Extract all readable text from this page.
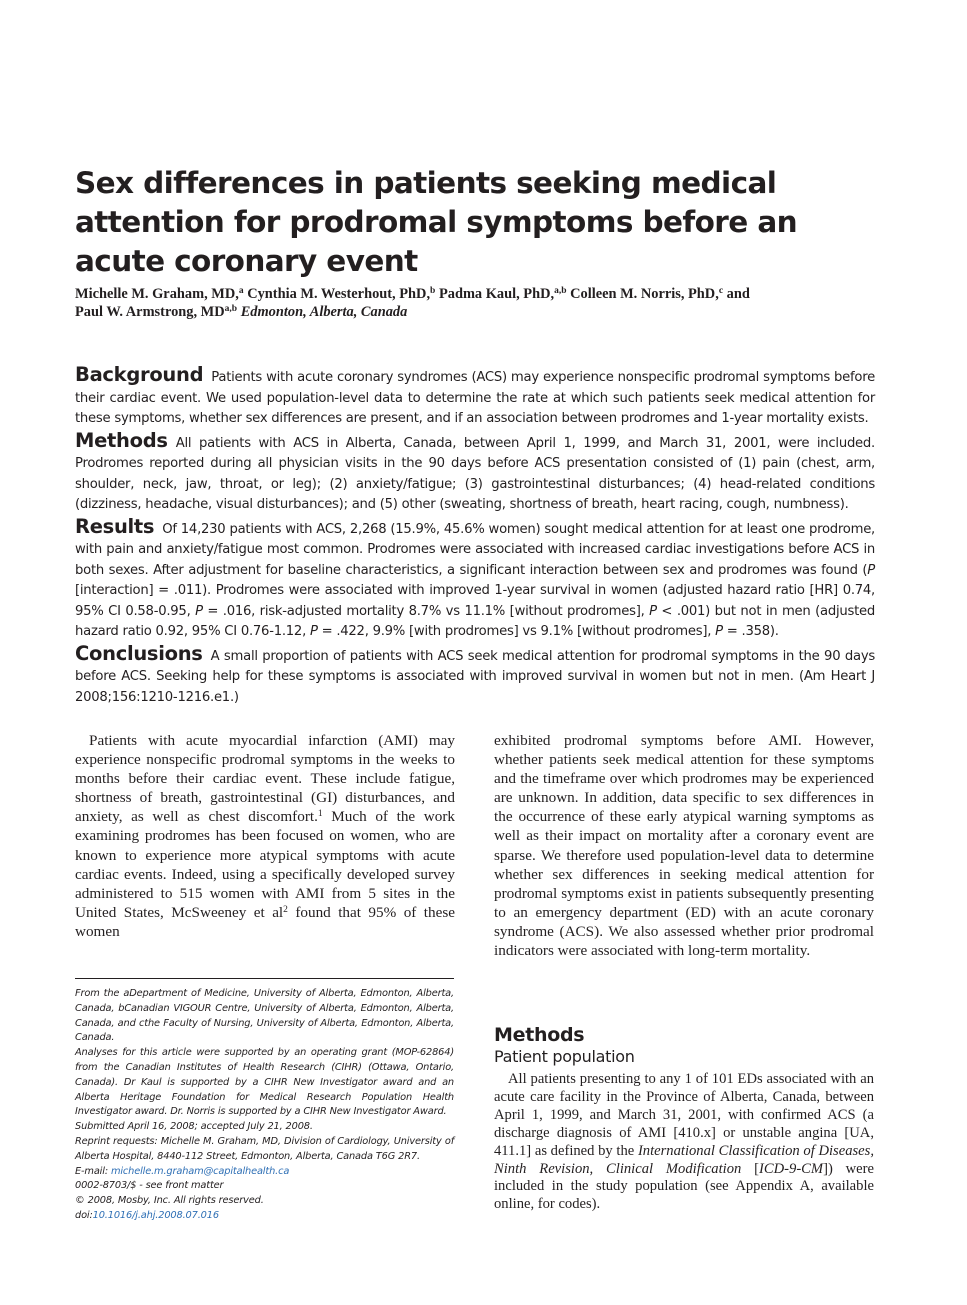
Sex differences in patients seeking medical attention for prodromal symptoms before an acute coronary event
Michelle M. Graham, MD,$^a$ Cynthia M. Westerhout, PhD,$^b$ Padma Kaul, PhD,$^{a,b}$ Colleen M. Norris, PhD,$^c$ and
Paul W. Armstrong, MD$^{a,b}$ Edmonton, Alberta, Canada

Background Patients with acute coronary syndromes (ACS) may experience nonspecific prodromal symptoms before their cardiac event. We used population-level data to determine the rate at which such patients seek medical attention for these symptoms, whether sex differences are present, and if an association between prodromes and 1-year mortality exists.

Methods All patients with ACS in Alberta, Canada, between April 1, 1999, and March 31, 2001, were included. Prodromes reported during all physician visits in the 90 days before ACS presentation consisted of (1) pain (chest, arm, shoulder, neck, jaw, throat, or leg); (2) anxiety/fatigue; (3) gastrointestinal disturbances; (4) head-related conditions (dizziness, headache, visual disturbances); and (5) other (sweating, shortness of breath, heart racing, cough, numbness).

Results Of 14,230 patients with ACS, 2,268 (15.9%, 45.6% women) sought medical attention for at least one prodrome, with pain and anxiety/fatigue most common. Prodromes were associated with increased cardiac investigations before ACS in both sexes. After adjustment for baseline characteristics, a significant interaction between sex and prodromes was found (P [interaction] = .011). Prodromes were associated with improved 1-year survival in women (adjusted hazard ratio [HR] 0.74, 95% CI 0.58-0.95, P = .016, risk-adjusted mortality 8.7% vs 11.1% [without prodromes], P < .001) but not in men (adjusted hazard ratio 0.92, 95% CI 0.76-1.12, P = .422, 9.9% [with prodromes] vs 9.1% [without prodromes], P = .358).

Conclusions A small proportion of patients with ACS seek medical attention for prodromal symptoms in the 90 days before ACS. Seeking help for these symptoms is associated with improved survival in women but not in men. (Am Heart J 2008;156:1210-1216.e1.)

Patients with acute myocardial infarction (AMI) may experience nonspecific prodromal symptoms in the weeks to months before their cardiac event. These include fatigue, shortness of breath, gastrointestinal (GI) disturbances, and anxiety, as well as chest discomfort.$^1$ Much of the work examining prodromes has been focused on women, who are known to experience more atypical symptoms with acute cardiac events. Indeed, using a specifically developed survey administered to 515 women with AMI from 5 sites in the United States, McSweeney et $al^2$ found that 95% of these women

exhibited prodromal symptoms before AMI. However, whether patients seek medical attention for these symptoms and the timeframe over which prodromes may be experienced are unknown. In addition, data specific to sex differences in the occurrence of these early atypical warning symptoms as well as their impact on mortality after a coronary event are sparse. We therefore used population-level data to determine whether sex differences in seeking medical attention for prodromal symptoms exist in patients subsequently presenting to an emergency department (ED) with an acute coronary syndrome (ACS). We also assessed whether prior prodromal indicators were associated with long-term mortality.

From the aDepartment of Medicine, University of Alberta, Edmonton, Alberta, Canada, bCanadian VIGOUR Centre, University of Alberta, Edmonton, Alberta, Canada, and cthe Faculty of Nursing, University of Alberta, Edmonton, Alberta, Canada.

Analyses for this article were supported by an operating grant (MOP-62864) from the Canadian Institutes of Health Research (CIHR) (Ottawa, Ontario, Canada). Dr Kaul is supported by a CIHR New Investigator award and an Alberta Heritage Foundation for Medical Research Population Health Investigator award. Dr. Norris is supported by a CIHR New Investigator Award.

Submitted April 16, 2008; accepted July 21, 2008.

Reprint requests: Michelle M. Graham, MD, Division of Cardiology, University of Alberta Hospital, 8440-112 Street, Edmonton, Alberta, Canada T6G 2R7.

E-mail: michelle.m.graham@capitalhealth.ca

0002-8703/$ - see front matter

© 2008, Mosby, Inc. All rights reserved.

doi:10.1016/j.ahj.2008.07.016

Methods
Patient population

All patients presenting to any 1 of 101 EDs associated with an acute care facility in the Province of Alberta, Canada, between April 1, 1999, and March 31, 2001, with confirmed ACS (a discharge diagnosis of AMI [410.x] or unstable angina [UA, 411.1] as defined by the International Classification of Diseases, Ninth Revision, Clinical Modification [ICD-9-CM]) were included in the study population (see Appendix A, available online, for codes).
